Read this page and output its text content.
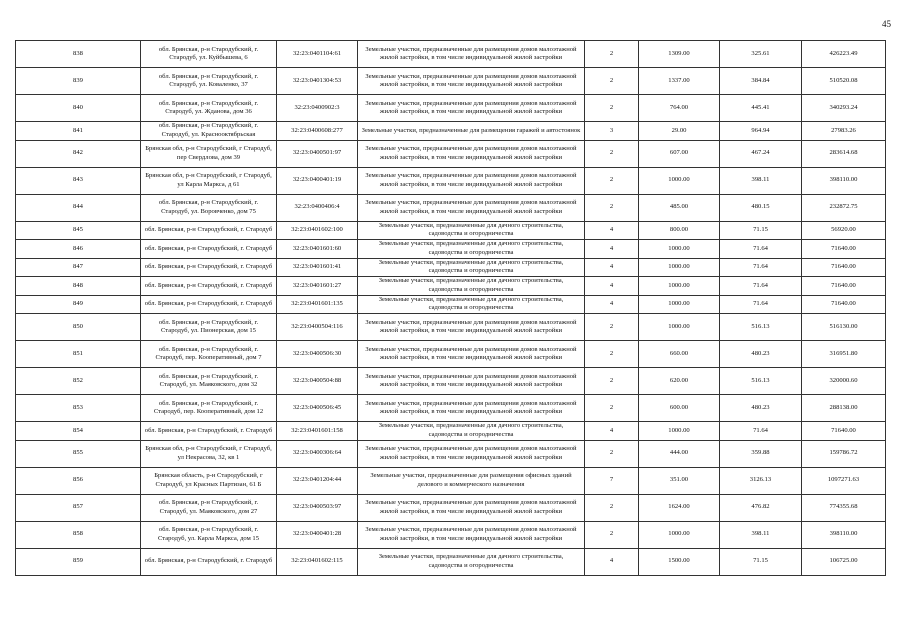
45
838	обл. Брянская, р-н Стародубский, г. Стародуб, ул. Куйбышева, 6	32:23:0401104:61	Земельные участки, предназначенные для размещения домов малоэтажной жилой застройки, в том числе индивидуальной жилой застройки	2	1309.00	325.61	426223.49
839	обл. Брянская, р-н Стародубский, г. Стародуб, ул. Коваленко, 37	32:23:0401304:53	Земельные участки, предназначенные для размещения домов малоэтажной жилой застройки, в том числе индивидуальной жилой застройки	2	1337.00	384.84	510520.08
840	обл. Брянская, р-н Стародубский, г. Стародуб, ул. Жданова, дом 36	32:23:0400902:3	Земельные участки, предназначенные для размещения домов малоэтажной жилой застройки, в том числе индивидуальной жилой застройки	2	764.00	445.41	340293.24
841	обл. Брянская, р-н Стародубский, г. Стародуб, ул. Краснооктябрьская	32:23:0400608:277	Земельные участки, предназначенные для размещения гаражей и автостоянок	3	29.00	964.94	27983.26
842	Брянская обл, р-н Стародубский, г Стародуб, пер Свердлова, дом 39	32:23:0400501:97	Земельные участки, предназначенные для размещения домов малоэтажной жилой застройки, в том числе индивидуальной жилой застройки	2	607.00	467.24	283614.68
843	Брянская обл, р-н Стародубский, г Стародуб, ул Карла Маркса, д 61	32:23:0400401:19	Земельные участки, предназначенные для размещения домов малоэтажной жилой застройки, в том числе индивидуальной жилой застройки	2	1000.00	398.11	398110.00
844	обл. Брянская, р-н Стародубский, г. Стародуб, ул. Воровченко, дом 75	32:23:0400406:4	Земельные участки, предназначенные для размещения домов малоэтажной жилой застройки, в том числе индивидуальной жилой застройки	2	485.00	480.15	232872.75
845	обл. Брянская, р-н Стародубский, г. Стародуб	32:23:0401602:100	Земельные участки, предназначенные для дачного строительства, садоводства и огородничества	4	800.00	71.15	56920.00
846	обл. Брянская, р-н Стародубский, г. Стародуб	32:23:0401601:60	Земельные участки, предназначенные для дачного строительства, садоводства и огородничества	4	1000.00	71.64	71640.00
847	обл. Брянская, р-н Стародубский, г. Стародуб	32:23:0401601:41	Земельные участки, предназначенные для дачного строительства, садоводства и огородничества	4	1000.00	71.64	71640.00
848	обл. Брянская, р-н Стародубский, г. Стародуб	32:23:0401601:27	Земельные участки, предназначенные для дачного строительства, садоводства и огородничества	4	1000.00	71.64	71640.00
849	обл. Брянская, р-н Стародубский, г. Стародуб	32:23:0401601:135	Земельные участки, предназначенные для дачного строительства, садоводства и огородничества	4	1000.00	71.64	71640.00
850	обл. Брянская, р-н Стародубский, г. Стародуб, ул. Пионерская, дом 15	32:23:0400504:116	Земельные участки, предназначенные для размещения домов малоэтажной жилой застройки, в том числе индивидуальной жилой застройки	2	1000.00	516.13	516130.00
851	обл. Брянская, р-н Стародубский, г. Стародуб, пер. Кооперативный, дом 7	32:23:0400506:30	Земельные участки, предназначенные для размещения домов малоэтажной жилой застройки, в том числе индивидуальной жилой застройки	2	660.00	480.23	316951.80
852	обл. Брянская, р-н Стародубский, г. Стародуб, ул. Маяковского, дом 32	32:23:0400504:88	Земельные участки, предназначенные для размещения домов малоэтажной жилой застройки, в том числе индивидуальной жилой застройки	2	620.00	516.13	320000.60
853	обл. Брянская, р-н Стародубский, г. Стародуб, пер. Кооперативный, дом 12	32:23:0400506:45	Земельные участки, предназначенные для размещения домов малоэтажной жилой застройки, в том числе индивидуальной жилой застройки	2	600.00	480.23	288138.00
854	обл. Брянская, р-н Стародубский, г. Стародуб	32:23:0401601:158	Земельные участки, предназначенные для дачного строительства, садоводства и огородничества	4	1000.00	71.64	71640.00
855	Брянская обл, р-н Стародубский, г Стародуб, ул Некрасова, 32, кв 1	32:23:0400306:64	Земельные участки, предназначенные для размещения домов малоэтажной жилой застройки, в том числе индивидуальной жилой застройки	2	444.00	359.88	159786.72
856	Брянская область, р-н Стародубский, г Стародуб, ул Красных Партизан, 61 Б	32:23:0401204:44	Земельные участки, предназначенные для размещения офисных зданий делового и коммерческого назначения	7	351.00	3126.13	1097271.63
857	обл. Брянская, р-н Стародубский, г. Стародуб, ул. Маяковского, дом 27	32:23:0400503:97	Земельные участки, предназначенные для размещения домов малоэтажной жилой застройки, в том числе индивидуальной жилой застройки	2	1624.00	476.82	774355.68
858	обл. Брянская, р-н Стародубский, г. Стародуб, ул. Карла Маркса, дом 15	32:23:0400401:28	Земельные участки, предназначенные для размещения домов малоэтажной жилой застройки, в том числе индивидуальной жилой застройки	2	1000.00	398.11	398110.00
859	обл. Брянская, р-н Стародубский, г. Стародуб	32:23:0401602:115	Земельные участки, предназначенные для дачного строительства, садоводства и огородничества	4	1500.00	71.15	106725.00
